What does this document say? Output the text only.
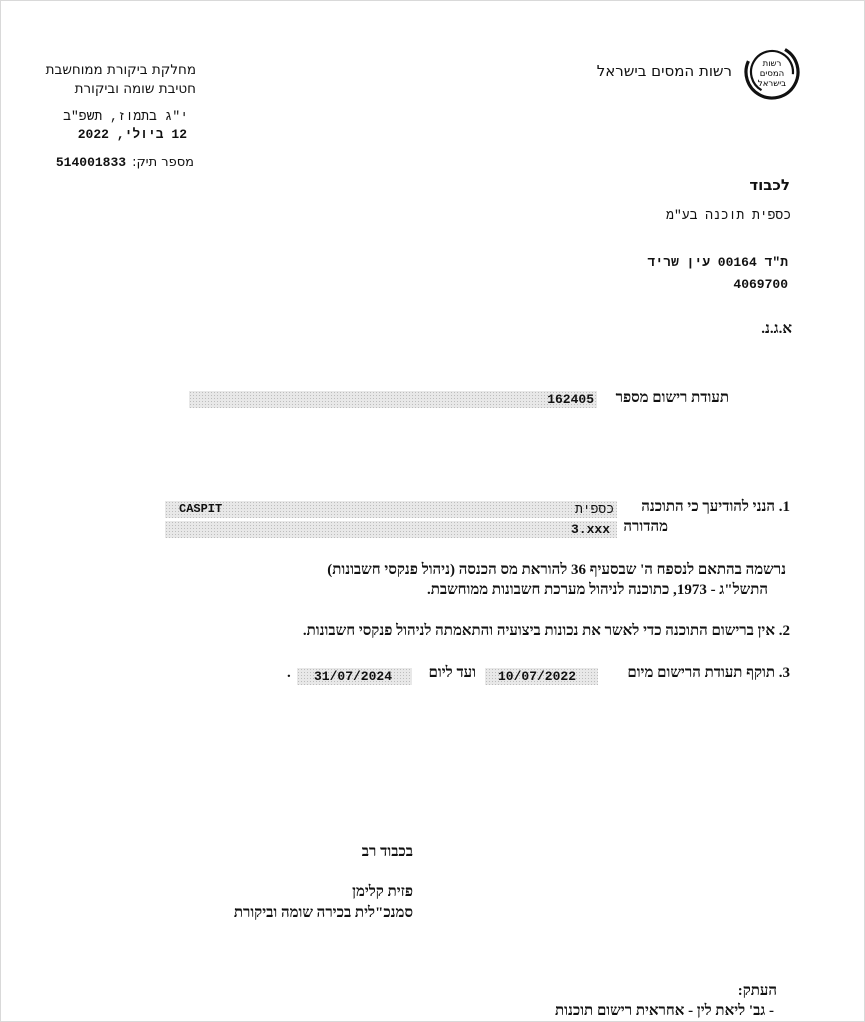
רשות
המסים
בישראל
רשות המסים בישראל
מחלקת ביקורת ממוחשבת
חטיבת שומה וביקורת
י"ג בתמוז, תשפ"ב
12 ביולי, 2022
מספר תיק:
514001833
לכבוד
כספית תוכנה בע"מ
ת"ד 00164 עין שריד
4069700
א.ג.נ.
162405 תעודת רישום מספר
1. הנני להודיעך כי התוכנה
כספית
CASPIT
3.xxx מהדורה
נרשמה בהתאם לנספח ה' שבסעיף 36 להוראת מס הכנסה (ניהול פנקסי חשבונות)
התשל"ג - 1973, כתוכנה לניהול מערכת חשבונות ממוחשבת.
2. אין ברישום התוכנה כדי לאשר את נכונות ביצועיה והתאמתה לניהול פנקסי חשבונות.
3. תוקף תעודת הרישום מיום
10/07/2022
ועד ליום
31/07/2024
.
בכבוד רב
פזית קלימן
סמנכ"לית בכירה שומה וביקורת
העתק:
- גב' ליאת לין - אחראית רישום תוכנות
